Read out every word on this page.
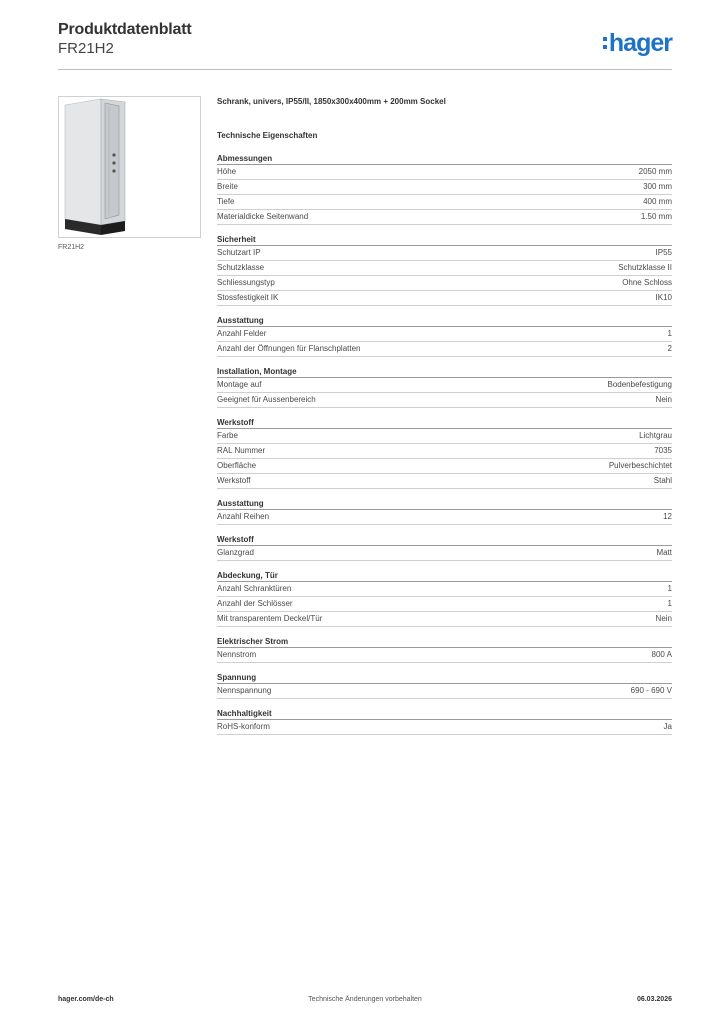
Produktdatenblatt
FR21H2	hager
FR21H2
Schrank, univers, IP55/II, 1850x300x400mm + 200mm Sockel
Technische Eigenschaften
Abmessungen
Höhe	2050 mm
Breite	300 mm
Tiefe	400 mm
Materialdicke Seitenwand	1.50 mm
Sicherheit
Schutzart IP	IP55
Schutzklasse	Schutzklasse II
Schliessungstyp	Ohne Schloss
Stossfestigkeit IK	IK10
Ausstattung
Anzahl Felder	1
Anzahl der Öffnungen für Flanschplatten	2
Installation, Montage
Montage auf	Bodenbefestigung
Geeignet für Aussenbereich	Nein
Werkstoff
Farbe	Lichtgrau
RAL Nummer	7035
Oberfläche	Pulverbeschichtet
Werkstoff	Stahl
Ausstattung
Anzahl Reihen	12
Werkstoff
Glanzgrad	Matt
Abdeckung, Tür
Anzahl Schranktüren	1
Anzahl der Schlösser	1
Mit transparentem Deckel/Tür	Nein
Elektrischer Strom
Nennstrom	800 A
Spannung
Nennspannung	690 - 690 V
Nachhaltigkeit
RoHS-konform	Ja
hager.com/de-ch	Technische Änderungen vorbehalten	06.03.2026
